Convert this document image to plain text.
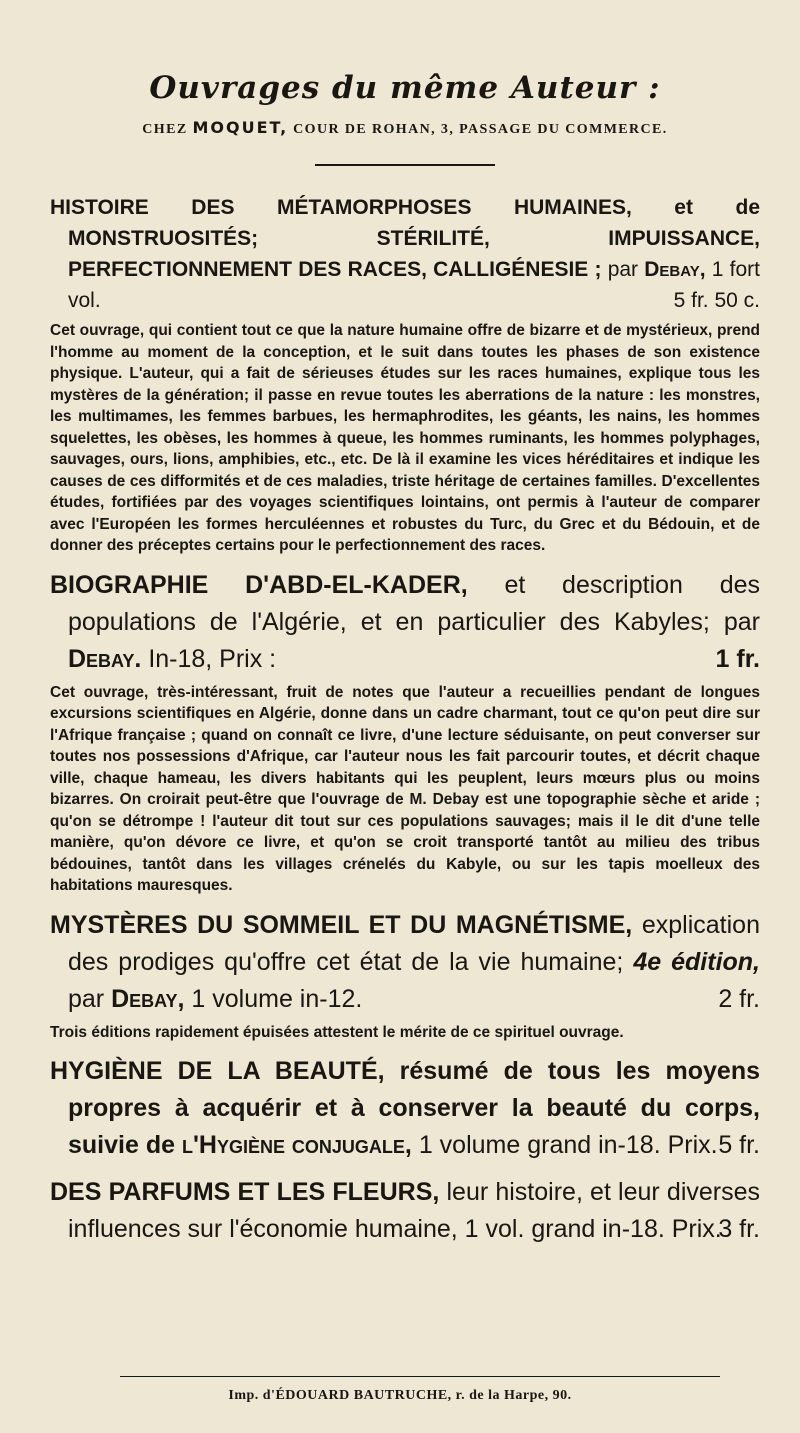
Ouvrages du même Auteur :
CHEZ MOQUET, COUR DE ROHAN, 3, PASSAGE DU COMMERCE.

HISTOIRE DES MÉTAMORPHOSES HUMAINES, et de MONSTRUOSITÉS; STÉRILITÉ, IMPUISSANCE, PERFECTIONNEMENT DES RACES, CALLIGÉNESIE ; par Debay, 1 fort vol.	5 fr. 50 c.

Cet ouvrage, qui contient tout ce que la nature humaine offre de bizarre et de mystérieux, prend l'homme au moment de la conception, et le suit dans toutes les phases de son existence physique. L'auteur, qui a fait de sérieuses études sur les races humaines, explique tous les mystères de la génération; il passe en revue toutes les aberrations de la nature : les monstres, les multimames, les femmes barbues, les hermaphrodites, les géants, les nains, les hommes squelettes, les obèses, les hommes à queue, les hommes ruminants, les hommes polyphages, sauvages, ours, lions, amphibies, etc., etc. De là il examine les vices héréditaires et indique les causes de ces difformités et de ces maladies, triste héritage de certaines familles. D'excellentes études, fortifiées par des voyages scientifiques lointains, ont permis à l'auteur de comparer avec l'Européen les formes herculéennes et robustes du Turc, du Grec et du Bédouin, et de donner des préceptes certains pour le perfectionnement des races.

BIOGRAPHIE D'ABD-EL-KADER, et description des populations de l'Algérie, et en particulier des Kabyles; par Debay. In-18, Prix :	1 fr.

Cet ouvrage, très-intéressant, fruit de notes que l'auteur a recueillies pendant de longues excursions scientifiques en Algérie, donne dans un cadre charmant, tout ce qu'on peut dire sur l'Afrique française ; quand on connaît ce livre, d'une lecture séduisante, on peut converser sur toutes nos possessions d'Afrique, car l'auteur nous les fait parcourir toutes, et décrit chaque ville, chaque hameau, les divers habitants qui les peuplent, leurs mœurs plus ou moins bizarres. On croirait peut-être que l'ouvrage de M. Debay est une topographie sèche et aride ; qu'on se détrompe ! l'auteur dit tout sur ces populations sauvages; mais il le dit d'une telle manière, qu'on dévore ce livre, et qu'on se croit transporté tantôt au milieu des tribus bédouines, tantôt dans les villages crénelés du Kabyle, ou sur les tapis moelleux des habitations mauresques.

MYSTÈRES DU SOMMEIL ET DU MAGNÉTISME, explication des prodiges qu'offre cet état de la vie humaine; 4e édition, par Debay, 1 volume in-12.	2 fr.

Trois éditions rapidement épuisées attestent le mérite de ce spirituel ouvrage.

HYGIÈNE DE LA BEAUTÉ, résumé de tous les moyens propres à acquérir et à conserver la beauté du corps, suivie de l'Hygiène conjugale, 1 volume grand in-18. Prix. 5 fr.

DES PARFUMS ET LES FLEURS, leur histoire, et leur diverses influences sur l'économie humaine, 1 vol. grand in-18. Prix.
3 fr.

Imp. d'ÉDOUARD BAUTRUCHE, r. de la Harpe, 90.
